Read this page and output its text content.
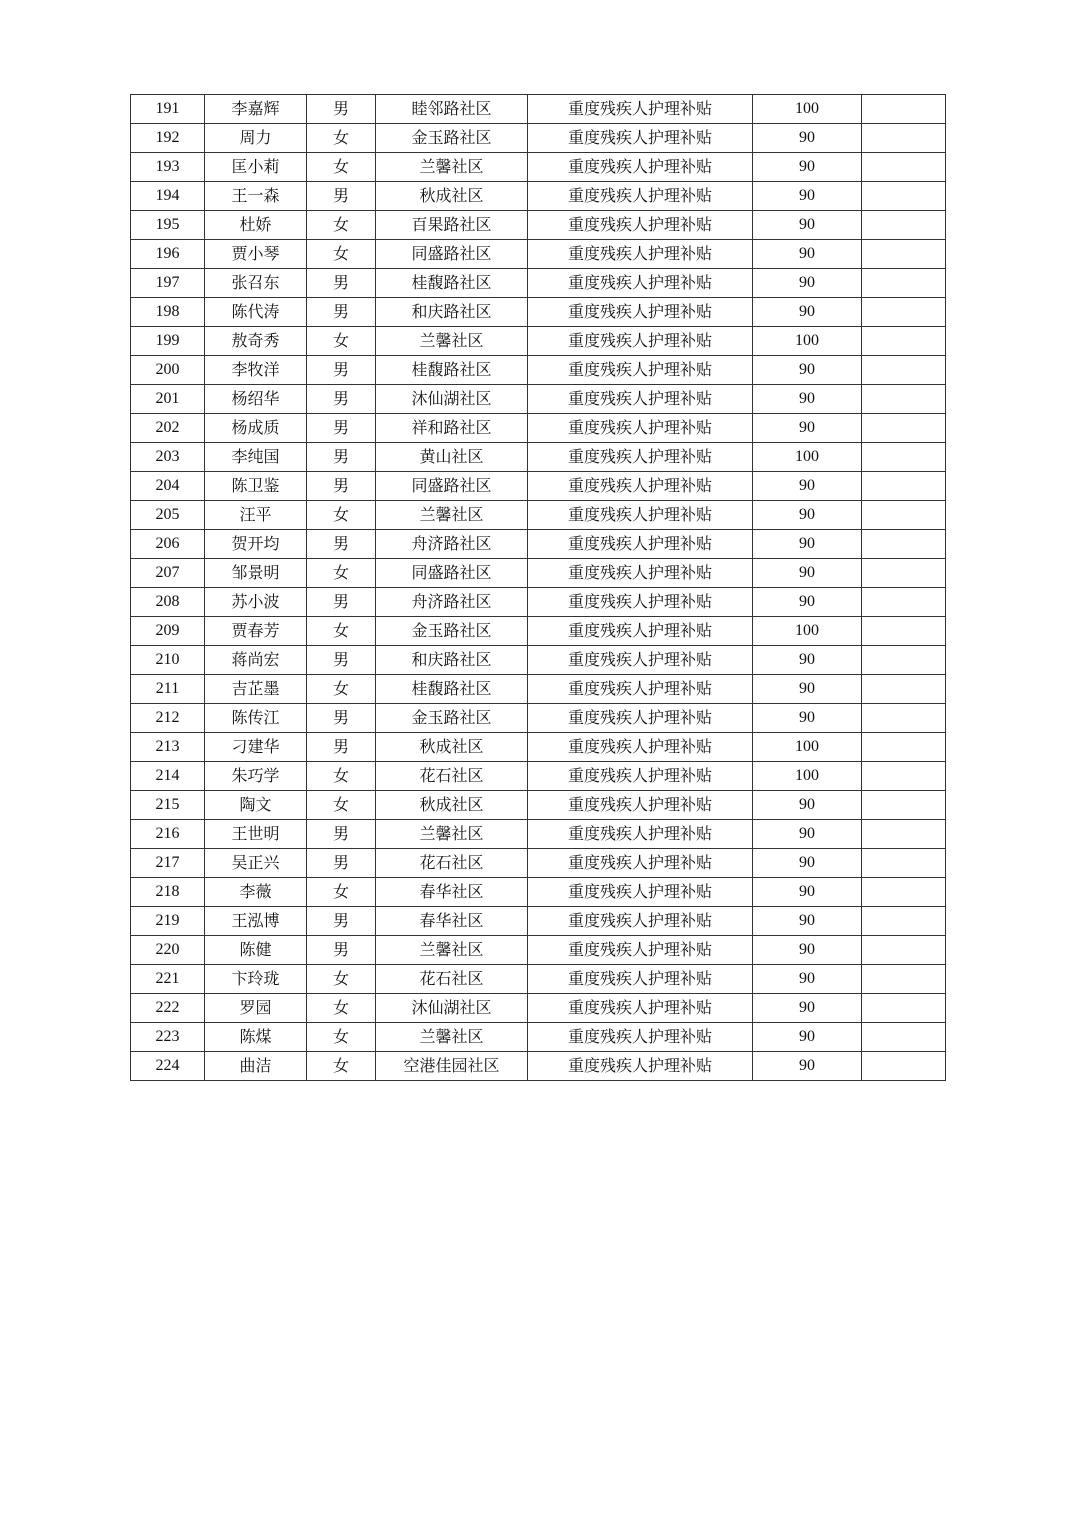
191	李嘉辉	男	睦邻路社区	重度残疾人护理补贴	100	
192	周力	女	金玉路社区	重度残疾人护理补贴	90	
193	匡小莉	女	兰馨社区	重度残疾人护理补贴	90	
194	王一森	男	秋成社区	重度残疾人护理补贴	90	
195	杜娇	女	百果路社区	重度残疾人护理补贴	90	
196	贾小琴	女	同盛路社区	重度残疾人护理补贴	90	
197	张召东	男	桂馥路社区	重度残疾人护理补贴	90	
198	陈代涛	男	和庆路社区	重度残疾人护理补贴	90	
199	敖奇秀	女	兰馨社区	重度残疾人护理补贴	100	
200	李牧洋	男	桂馥路社区	重度残疾人护理补贴	90	
201	杨绍华	男	沐仙湖社区	重度残疾人护理补贴	90	
202	杨成质	男	祥和路社区	重度残疾人护理补贴	90	
203	李纯国	男	黄山社区	重度残疾人护理补贴	100	
204	陈卫鉴	男	同盛路社区	重度残疾人护理补贴	90	
205	汪平	女	兰馨社区	重度残疾人护理补贴	90	
206	贺开均	男	舟济路社区	重度残疾人护理补贴	90	
207	邹景明	女	同盛路社区	重度残疾人护理补贴	90	
208	苏小波	男	舟济路社区	重度残疾人护理补贴	90	
209	贾春芳	女	金玉路社区	重度残疾人护理补贴	100	
210	蒋尚宏	男	和庆路社区	重度残疾人护理补贴	90	
211	吉芷墨	女	桂馥路社区	重度残疾人护理补贴	90	
212	陈传江	男	金玉路社区	重度残疾人护理补贴	90	
213	刁建华	男	秋成社区	重度残疾人护理补贴	100	
214	朱巧学	女	花石社区	重度残疾人护理补贴	100	
215	陶文	女	秋成社区	重度残疾人护理补贴	90	
216	王世明	男	兰馨社区	重度残疾人护理补贴	90	
217	吴正兴	男	花石社区	重度残疾人护理补贴	90	
218	李薇	女	春华社区	重度残疾人护理补贴	90	
219	王泓博	男	春华社区	重度残疾人护理补贴	90	
220	陈健	男	兰馨社区	重度残疾人护理补贴	90	
221	卞玲珑	女	花石社区	重度残疾人护理补贴	90	
222	罗园	女	沐仙湖社区	重度残疾人护理补贴	90	
223	陈煤	女	兰馨社区	重度残疾人护理补贴	90	
224	曲洁	女	空港佳园社区	重度残疾人护理补贴	90	
